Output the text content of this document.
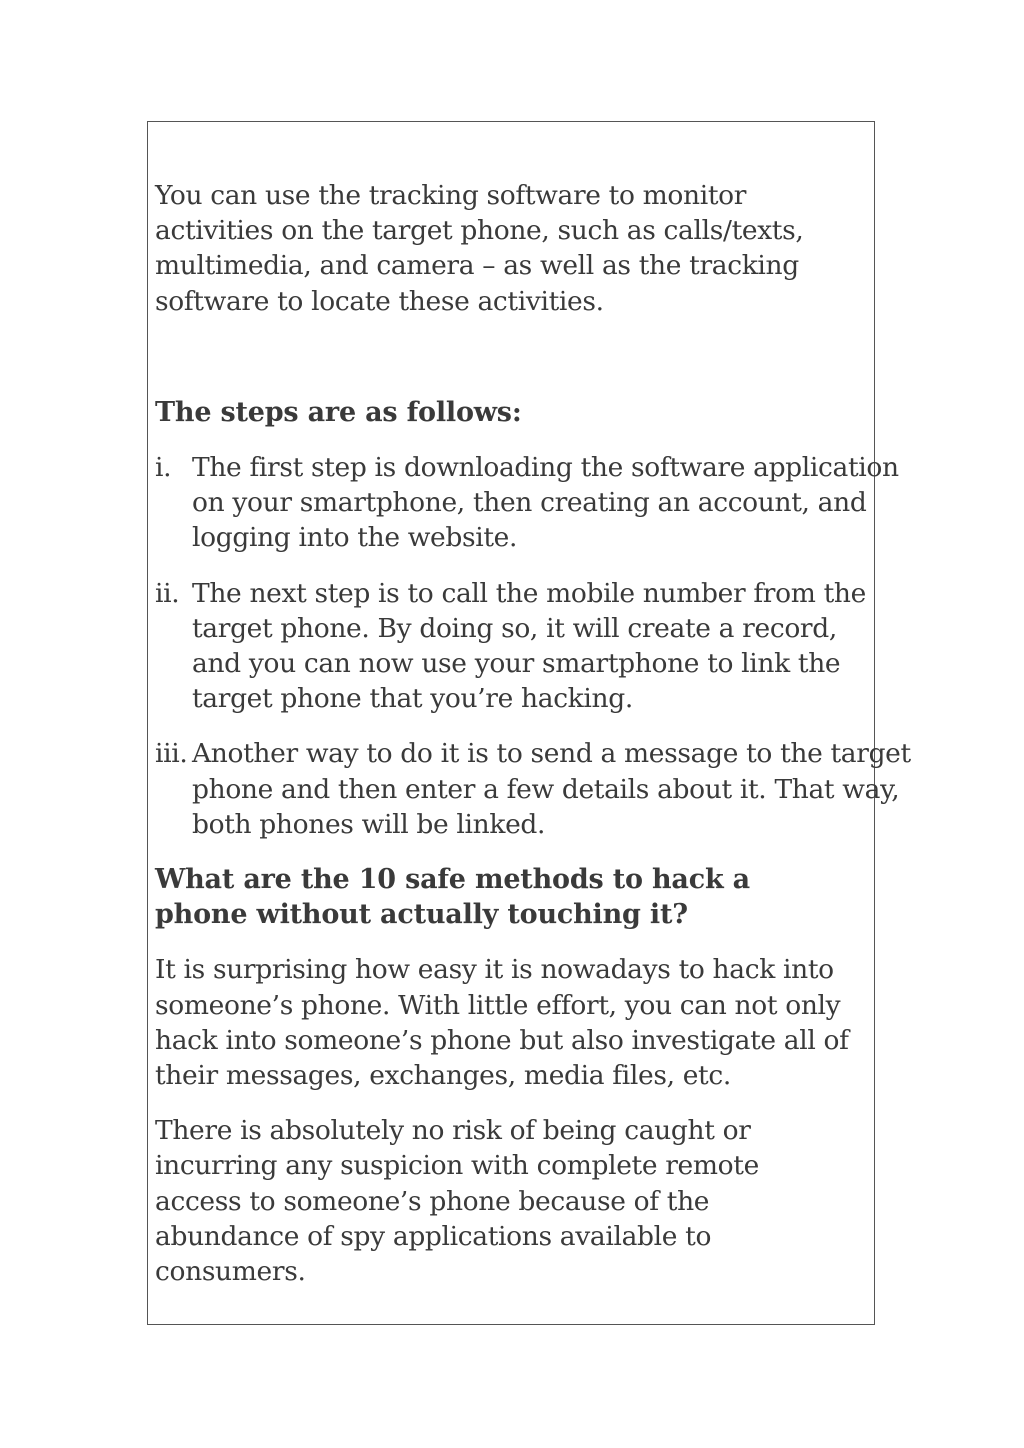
You can use the tracking software to monitor activities on the target phone, such as calls/texts, multimedia, and camera – as well as the tracking software to locate these activities.

The steps are as follows:
i. The first step is downloading the software application on your smartphone, then creating an account, and logging into the website.
ii. The next step is to call the mobile number from the target phone. By doing so, it will create a record, and you can now use your smartphone to link the target phone that you’re hacking.
iii. Another way to do it is to send a message to the target phone and then enter a few details about it. That way, both phones will be linked.
What are the 10 safe methods to hack a phone without actually touching it?

It is surprising how easy it is nowadays to hack into someone’s phone. With little effort, you can not only hack into someone’s phone but also investigate all of their messages, exchanges, media files, etc.

There is absolutely no risk of being caught or incurring any suspicion with complete remote access to someone’s phone because of the abundance of spy applications available to consumers.
